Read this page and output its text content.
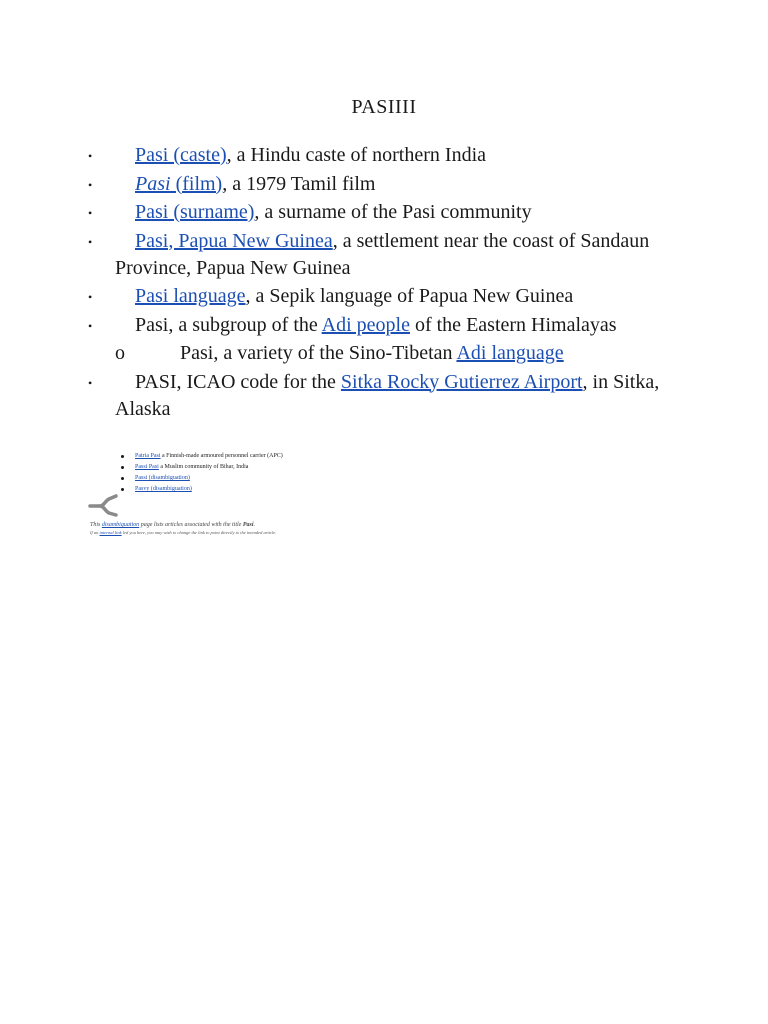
PASIIII
• Pasi (caste), a Hindu caste of northern India
• Pasi (film), a 1979 Tamil film
• Pasi (surname), a surname of the Pasi community
• Pasi, Papua New Guinea, a settlement near the coast of Sandaun Province, Papua New Guinea
• Pasi language, a Sepik language of Papua New Guinea
• Pasi, a subgroup of the Adi people of the Eastern Himalayas
o	Pasi, a variety of the Sino-Tibetan Adi language
• PASI, ICAO code for the Sitka Rocky Gutierrez Airport, in Sitka, Alaska
Patria Pasi a Finnish-made armoured personnel carrier (APC)
Passi Pasi a Muslim community of Bihar, India
Passi (disambiguation)
Pasvy (disambiguation)
This disambiguation page lists articles associated with the title Pasi.
If an internal link led you here, you may wish to change the link to point directly to the intended article.
